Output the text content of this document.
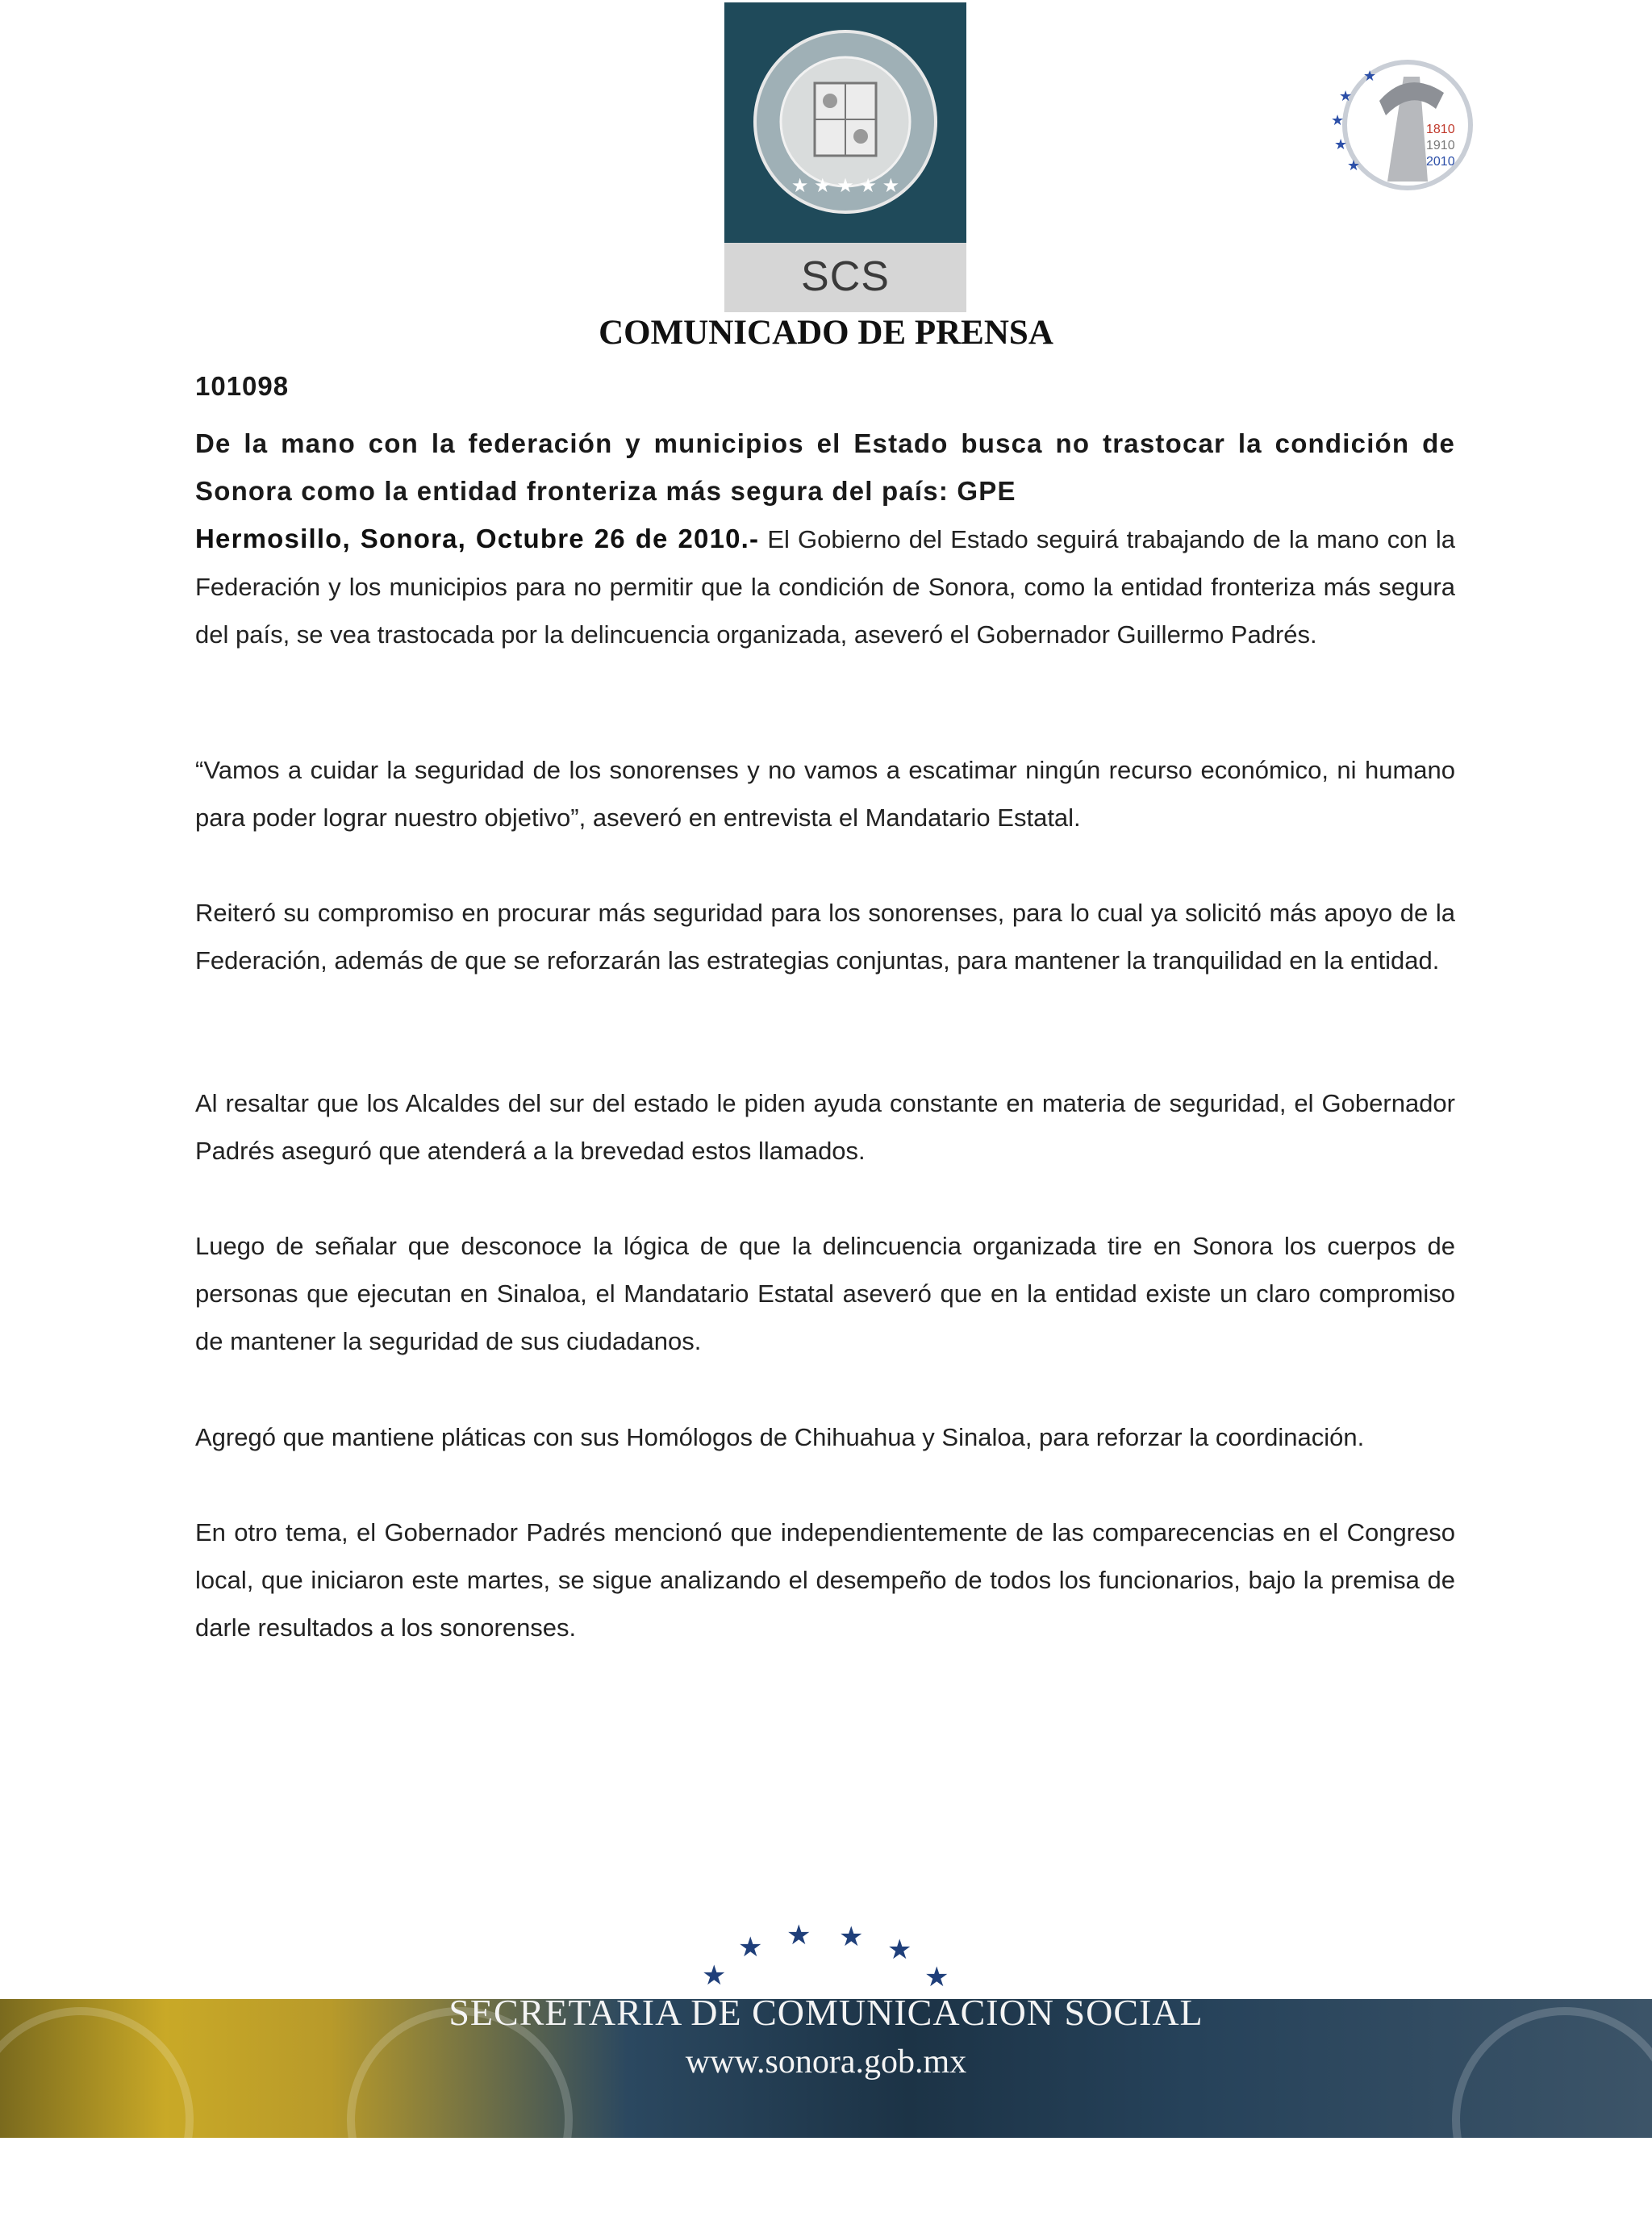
★ ★ ★ ★ ★
SCS
★
★
★
★
★
1810
1910
2010
COMUNICADO DE PRENSA
101098
De la mano con la federación y municipios el Estado busca no trastocar la condición de Sonora como la entidad fronteriza más segura del país: GPE

Hermosillo, Sonora, Octubre 26 de 2010.- El Gobierno del Estado seguirá trabajando de la mano con la Federación y los municipios para no permitir que la condición de Sonora, como la entidad fronteriza más segura del país, se vea trastocada por la delincuencia organizada, aseveró el Gobernador Guillermo Padrés.

“Vamos a cuidar la seguridad de los sonorenses y no vamos a escatimar ningún recurso económico, ni humano para poder lograr nuestro objetivo”, aseveró en entrevista el Mandatario Estatal.
Reiteró su compromiso en procurar más seguridad para los sonorenses, para lo cual ya solicitó más apoyo de la Federación, además de que se reforzarán las estrategias conjuntas, para mantener la tranquilidad en la entidad.
Al resaltar que los Alcaldes del sur del estado le piden ayuda constante en materia de seguridad, el Gobernador Padrés aseguró que atenderá a la brevedad estos llamados.
Luego de señalar que desconoce la lógica de que la delincuencia organizada tire en Sonora los cuerpos de personas que ejecutan en Sinaloa, el Mandatario Estatal aseveró que en la entidad existe un claro compromiso de mantener la seguridad de sus ciudadanos.
Agregó que mantiene pláticas con sus Homólogos de Chihuahua y Sinaloa, para reforzar la coordinación.
En otro tema, el Gobernador Padrés mencionó que independientemente de las comparecencias en el Congreso local, que iniciaron este martes, se sigue analizando el desempeño de todos los funcionarios, bajo la premisa de darle resultados a los sonorenses.
★
★ ★ ★ ★
★
SECRETARIA DE COMUNICACION SOCIAL
www.sonora.gob.mx
